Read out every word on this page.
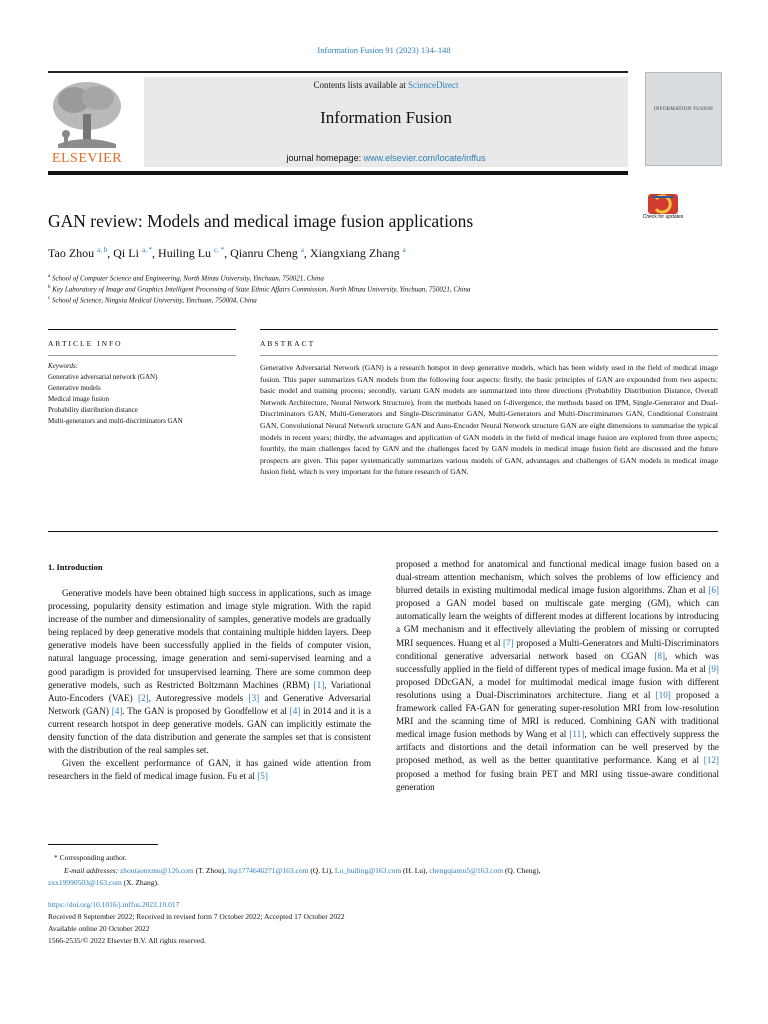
Information Fusion 91 (2023) 134–148
Contents lists available at ScienceDirect
Information Fusion
journal homepage: www.elsevier.com/locate/inffus
ELSEVIER
INFORMATION FUSION
Check for updates
GAN review: Models and medical image fusion applications
Tao Zhou $^{a, b}$, Qi Li $^{a, *}$, Huiling Lu $^{c, *}$, Qianru Cheng $^a$, Xiangxiang Zhang $^a$
$^a$ School of Computer Science and Engineering, North Minzu University, Yinchuan, 750021, China
$^b$ Key Laboratory of Image and Graphics Intelligent Processing of State Ethnic Affairs Commission, North Minzu University, Yinchuan, 750021, China
$^c$ School of Science, Ningxia Medical University, Yinchuan, 750004, China
ARTICLE INFO	ABSTRACT
Keywords:
Generative adversarial network (GAN)
Generative models
Medical image fusion
Probability distribution distance
Multi-generators and multi-discriminators GAN
Generative Adversarial Network (GAN) is a research hotspot in deep generative models, which has been widely used in the field of medical image fusion. This paper summarizes GAN models from the following four aspects: firstly, the basic principles of GAN are expounded from two aspects: basic model and training process; secondly, variant GAN models are summarized into three directions (Probability Distribution Distance, Overall Network Architecture, Neural Network Structure), from the methods based on f-divergence, the methods based on IPM, Single-Generator and Dual-Discriminators GAN, Multi-Generators and Single-Discriminator GAN, Multi-Generators and Multi-Discriminators GAN, Conditional Constraint GAN, Convolutional Neural Network structure GAN and Auto-Encoder Neural Network structure GAN are eight dimensions to summarise the typical models in recent years; thirdly, the advantages and application of GAN models in the field of medical image fusion are explored from three aspects; fourthly, the main challenges faced by GAN and the challenges faced by GAN models in medical image fusion field are discussed and the future prospects are given. This paper systematically summarizes various models of GAN, advantages and challenges of GAN models in medical image fusion field, which is very important for the future research of GAN.
1. Introduction
Generative models have been obtained high success in applications, such as image processing, popularity density estimation and image style migration. With the rapid increase of the number and dimensionality of samples, generative models are gradually being replaced by deep generative models that containing multiple hidden layers. Deep generative models have been successfully applied in the fields of computer vision, natural language processing, image generation and semi-supervised learning and a good paradigm is provided for unsupervised learning. There are some common deep generative models, such as Restricted Boltzmann Machines (RBM) [1], Variational Auto-Encoders (VAE) [2], Autoregressive models [3] and Generative Adversarial Network (GAN) [4]. The GAN is proposed by Goodfellow et al [4] in 2014 and it is a current research hotspot in deep generative models. GAN can implicitly estimate the density function of the data distribution and generate the samples set that is consistent with the distribution of the real samples set.
Given the excellent performance of GAN, it has gained wide attention from researchers in the field of medical image fusion. Fu et al [5]
proposed a method for anatomical and functional medical image fusion based on a dual-stream attention mechanism, which solves the problems of low efficiency and blurred details in existing multimodal medical image fusion algorithms. Zhan et al [6] proposed a GAN model based on multiscale gate merging (GM), which can automatically learn the weights of different modes at different locations by introducing a GM mechanism and it effectively alleviating the problem of missing or corrupted MRI sequences. Huang et al [7] proposed a Multi-Generators and Multi-Discriminators conditional generative adversarial network based on CGAN [8], which was successfully applied in the field of different types of medical image fusion. Ma et al [9] proposed DDcGAN, a model for multimodal medical image fusion with different resolutions using a Dual-Discriminators architecture. Jiang et al [10] proposed a framework called FA-GAN for generating super-resolution MRI from low-resolution MRI and the scanning time of MRI is reduced. Combining GAN with traditional medical image fusion methods by Wang et al [11], which can effectively suppress the artifacts and distortions and the detail information can be well preserved by the proposed method, as well as the better quantitative performance. Kang et al [12] proposed a method for fusing brain PET and MRI using tissue-aware conditional generation
* Corresponding author.
E-mail addresses: zhoutaonxmu@126.com (T. Zhou), liqi1774646271@163.com (Q. Li), Lu_huiling@163.com (H. Lu), chengqianru5@163.com (Q. Cheng),
zxx19990503@163.com (X. Zhang).
https://doi.org/10.1016/j.inffus.2022.10.017
Received 8 September 2022; Received in revised form 7 October 2022; Accepted 17 October 2022
Available online 20 October 2022
1566-2535/© 2022 Elsevier B.V. All rights reserved.
